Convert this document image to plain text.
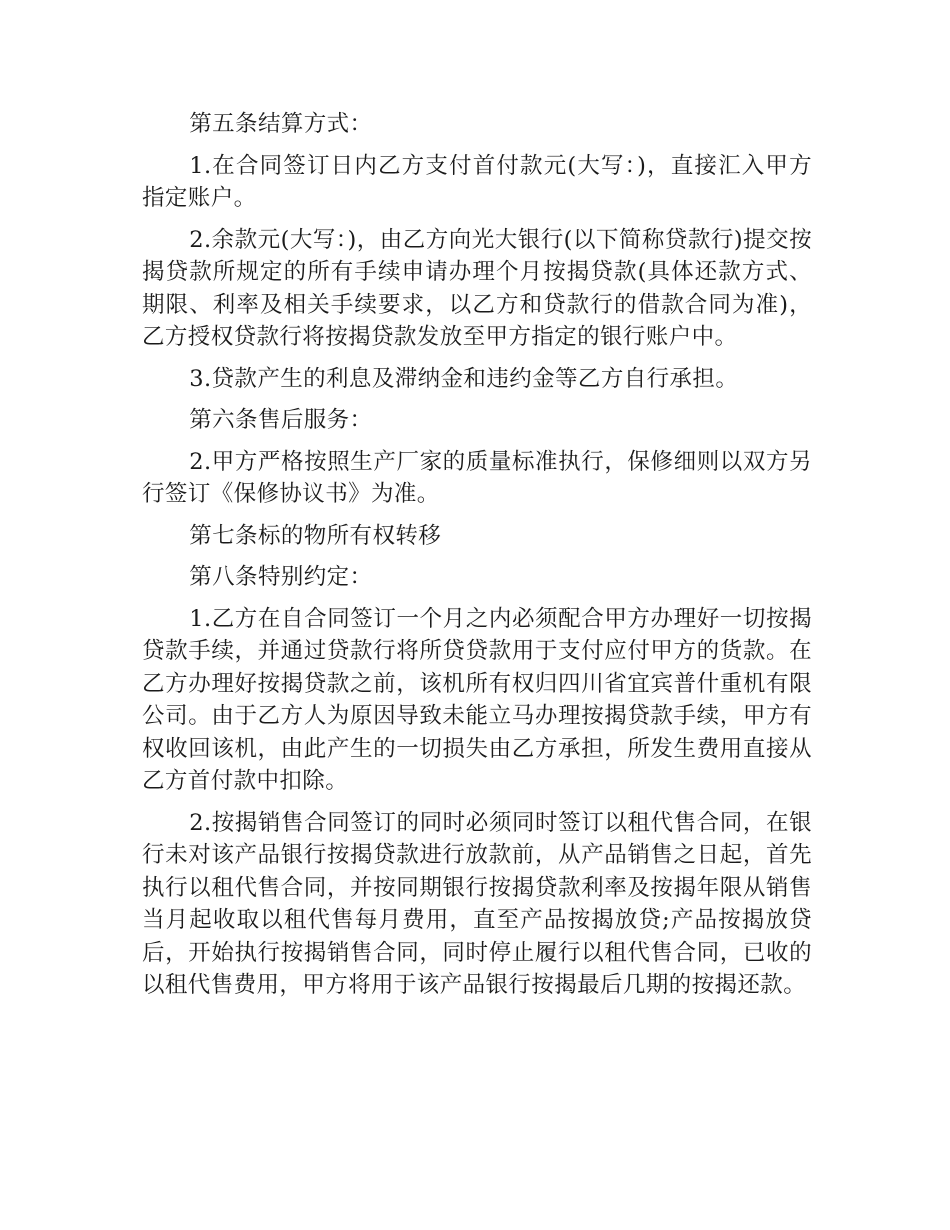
第五条结算方式：

1.在合同签订日内乙方支付首付款元(大写：)，直接汇入甲方指定账户。

2.余款元(大写：)，由乙方向光大银行(以下简称贷款行)提交按揭贷款所规定的所有手续申请办理个月按揭贷款(具体还款方式、期限、利率及相关手续要求，以乙方和贷款行的借款合同为准)，乙方授权贷款行将按揭贷款发放至甲方指定的银行账户中。

3.贷款产生的利息及滞纳金和违约金等乙方自行承担。

第六条售后服务：

2.甲方严格按照生产厂家的质量标准执行，保修细则以双方另行签订《保修协议书》为准。

第七条标的物所有权转移

第八条特别约定：

1.乙方在自合同签订一个月之内必须配合甲方办理好一切按揭贷款手续，并通过贷款行将所贷贷款用于支付应付甲方的货款。在乙方办理好按揭贷款之前，该机所有权归四川省宜宾普什重机有限公司。由于乙方人为原因导致未能立马办理按揭贷款手续，甲方有权收回该机，由此产生的一切损失由乙方承担，所发生费用直接从乙方首付款中扣除。

2.按揭销售合同签订的同时必须同时签订以租代售合同，在银行未对该产品银行按揭贷款进行放款前，从产品销售之日起，首先执行以租代售合同，并按同期银行按揭贷款利率及按揭年限从销售当月起收取以租代售每月费用，直至产品按揭放贷;产品按揭放贷后，开始执行按揭销售合同，同时停止履行以租代售合同，已收的以租代售费用，甲方将用于该产品银行按揭最后几期的按揭还款。
